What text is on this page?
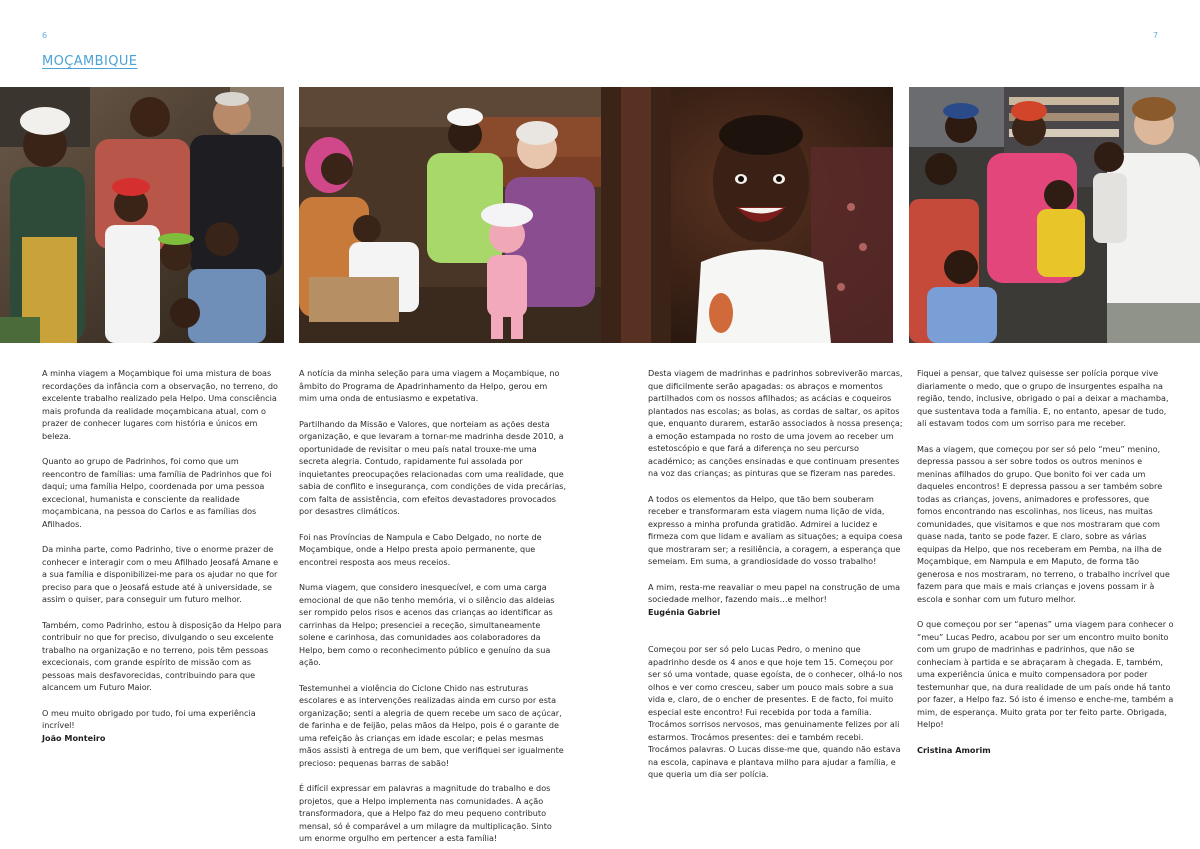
6	7
MOÇAMBIQUE

A minha viagem a Moçambique foi uma mistura de boas recordações da infância com a observação, no terreno, do excelente trabalho realizado pela Helpo. Uma consciência mais profunda da realidade moçambicana atual, com o prazer de conhecer lugares com história e únicos em beleza.

Quanto ao grupo de Padrinhos, foi como que um reencontro de famílias: uma família de Padrinhos que foi daqui; uma família Helpo, coordenada por uma pessoa excecional, humanista e consciente da realidade moçambicana, na pessoa do Carlos e as famílias dos Afilhados.

Da minha parte, como Padrinho, tive o enorme prazer de conhecer e interagir com o meu Afilhado Jeosafá Amane e a sua família e disponibilizei-me para os ajudar no que for preciso para que o Jeosafá estude até à universidade, se assim o quiser, para conseguir um futuro melhor.

Também, como Padrinho, estou à disposição da Helpo para contribuir no que for preciso, divulgando o seu excelente trabalho na organização e no terreno, pois têm pessoas excecionais, com grande espírito de missão com as pessoas mais desfavorecidas, contribuindo para que alcancem um Futuro Maior.

O meu muito obrigado por tudo, foi uma experiência incrível!

João Monteiro

A notícia da minha seleção para uma viagem a Moçambique, no âmbito do Programa de Apadrinhamento da Helpo, gerou em mim uma onda de entusiasmo e expetativa.

Partilhando da Missão e Valores, que norteiam as ações desta organização, e que levaram a tornar-me madrinha desde 2010, a oportunidade de revisitar o meu país natal trouxe-me uma secreta alegria. Contudo, rapidamente fui assolada por inquietantes preocupações relacionadas com uma realidade, que sabia de conflito e insegurança, com condições de vida precárias, com falta de assistência, com efeitos devastadores provocados por desastres climáticos.

Foi nas Províncias de Nampula e Cabo Delgado, no norte de Moçambique, onde a Helpo presta apoio permanente, que encontrei resposta aos meus receios.

Numa viagem, que considero inesquecível, e com uma carga emocional de que não tenho memória, vi o silêncio das aldeias ser rompido pelos risos e acenos das crianças ao identificar as carrinhas da Helpo; presenciei a receção, simultaneamente solene e carinhosa, das comunidades aos colaboradores da Helpo, bem como o reconhecimento público e genuíno da sua ação.

Testemunhei a violência do Ciclone Chido nas estruturas escolares e as intervenções realizadas ainda em curso por esta organização; senti a alegria de quem recebe um saco de açúcar, de farinha e de feijão, pelas mãos da Helpo, pois é o garante de uma refeição às crianças em idade escolar; e pelas mesmas mãos assisti à entrega de um bem, que verifiquei ser igualmente precioso: pequenas barras de sabão!

É difícil expressar em palavras a magnitude do trabalho e dos projetos, que a Helpo implementa nas comunidades. A ação transformadora, que a Helpo faz do meu pequeno contributo mensal, só é comparável a um milagre da multiplicação. Sinto um enorme orgulho em pertencer a esta família!

Desta viagem de madrinhas e padrinhos sobreviverão marcas, que dificilmente serão apagadas: os abraços e momentos partilhados com os nossos afilhados; as acácias e coqueiros plantados nas escolas; as bolas, as cordas de saltar, os apitos que, enquanto durarem, estarão associados à nossa presença; a emoção estampada no rosto de uma jovem ao receber um estetoscópio e que fará a diferença no seu percurso académico; as canções ensinadas e que continuam presentes na voz das crianças; as pinturas que se fizeram nas paredes.

A todos os elementos da Helpo, que tão bem souberam receber e transformaram esta viagem numa lição de vida, expresso a minha profunda gratidão. Admirei a lucidez e firmeza com que lidam e avaliam as situações; a equipa coesa que mostraram ser; a resiliência, a coragem, a esperança que semeiam. Em suma, a grandiosidade do vosso trabalho!

A mim, resta-me reavaliar o meu papel na construção de uma sociedade melhor, fazendo mais…e melhor!

Eugénia Gabriel

Começou por ser só pelo Lucas Pedro, o menino que apadrinho desde os 4 anos e que hoje tem 15. Começou por ser só uma vontade, quase egoísta, de o conhecer, olhá-lo nos olhos e ver como cresceu, saber um pouco mais sobre a sua vida e, claro, de o encher de presentes. E de facto, foi muito especial este encontro! Fui recebida por toda a família. Trocámos sorrisos nervosos, mas genuinamente felizes por ali estarmos. Trocámos presentes: dei e também recebi. Trocámos palavras. O Lucas disse-me que, quando não estava na escola, capinava e plantava milho para ajudar a família, e que queria um dia ser polícia.

Fiquei a pensar, que talvez quisesse ser polícia porque vive diariamente o medo, que o grupo de insurgentes espalha na região, tendo, inclusive, obrigado o pai a deixar a machamba, que sustentava toda a família. E, no entanto, apesar de tudo, ali estavam todos com um sorriso para me receber.

Mas a viagem, que começou por ser só pelo “meu” menino, depressa passou a ser sobre todos os outros meninos e meninas afilhados do grupo. Que bonito foi ver cada um daqueles encontros! E depressa passou a ser também sobre todas as crianças, jovens, animadores e professores, que fomos encontrando nas escolinhas, nos liceus, nas muitas comunidades, que visitamos e que nos mostraram que com quase nada, tanto se pode fazer. E claro, sobre as várias equipas da Helpo, que nos receberam em Pemba, na ilha de Moçambique, em Nampula e em Maputo, de forma tão generosa e nos mostraram, no terreno, o trabalho incrível que fazem para que mais e mais crianças e jovens possam ir à escola e sonhar com um futuro melhor.

O que começou por ser “apenas” uma viagem para conhecer o “meu” Lucas Pedro, acabou por ser um encontro muito bonito com um grupo de madrinhas e padrinhos, que não se conheciam à partida e se abraçaram à chegada. E, também, uma experiência única e muito compensadora por poder testemunhar que, na dura realidade de um país onde há tanto por fazer, a Helpo faz. Só isto é imenso e enche-me, também a mim, de esperança. Muito grata por ter feito parte. Obrigada, Helpo!

Cristina Amorim
